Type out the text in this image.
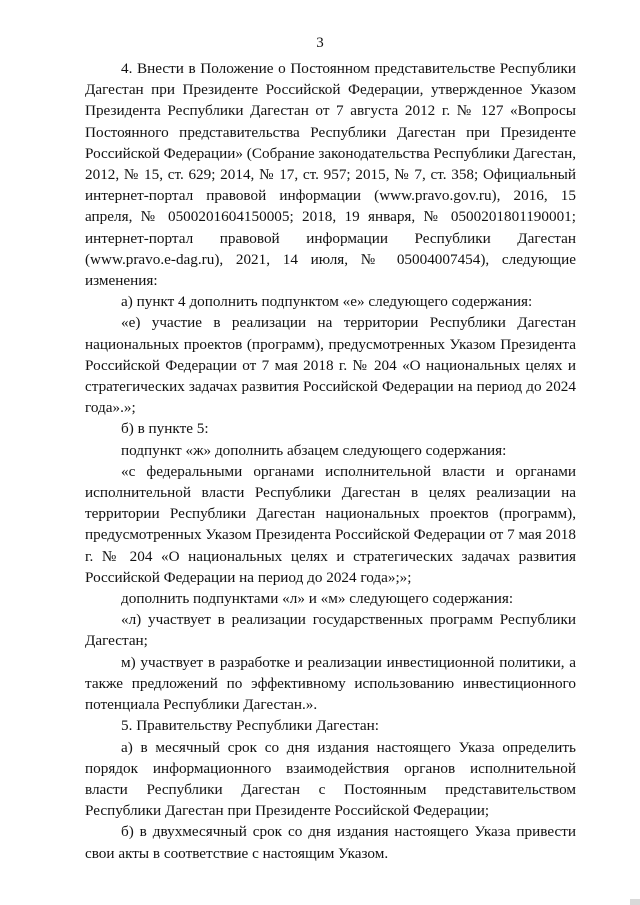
3

4. Внести в Положение о Постоянном представительстве Республики Дагестан при Президенте Российской Федерации, утвержденное Указом Президента Республики Дагестан от 7 августа 2012 г. № 127 «Вопросы Постоянного представительства Республики Дагестан при Президенте Российской Федерации» (Собрание законодательства Республики Дагестан, 2012, № 15, ст. 629; 2014, № 17, ст. 957; 2015, № 7, ст. 358; Официальный интернет-портал правовой информации (www.pravo.gov.ru), 2016, 15 апреля, № 0500201604150005; 2018, 19 января, № 0500201801190001; интернет-портал правовой информации Республики Дагестан (www.pravo.e-dag.ru), 2021, 14 июля, № 05004007454), следующие изменения:

а) пункт 4 дополнить подпунктом «е» следующего содержания:

«е) участие в реализации на территории Республики Дагестан национальных проектов (программ), предусмотренных Указом Президента Российской Федерации от 7 мая 2018 г. № 204 «О национальных целях и стратегических задачах развития Российской Федерации на период до 2024 года».»;

б) в пункте 5:

подпункт «ж» дополнить абзацем следующего содержания:

«с федеральными органами исполнительной власти и органами исполнительной власти Республики Дагестан в целях реализации на территории Республики Дагестан национальных проектов (программ), предусмотренных Указом Президента Российской Федерации от 7 мая 2018 г. № 204 «О национальных целях и стратегических задачах развития Российской Федерации на период до 2024 года»;»;

дополнить подпунктами «л» и «м» следующего содержания:

«л) участвует в реализации государственных программ Республики Дагестан;

м) участвует в разработке и реализации инвестиционной политики, а также предложений по эффективному использованию инвестиционного потенциала Республики Дагестан.».

5. Правительству Республики Дагестан:

а) в месячный срок со дня издания настоящего Указа определить порядок информационного взаимодействия органов исполнительной власти Республики Дагестан с Постоянным представительством Республики Дагестан при Президенте Российской Федерации;

б) в двухмесячный срок со дня издания настоящего Указа привести свои акты в соответствие с настоящим Указом.
